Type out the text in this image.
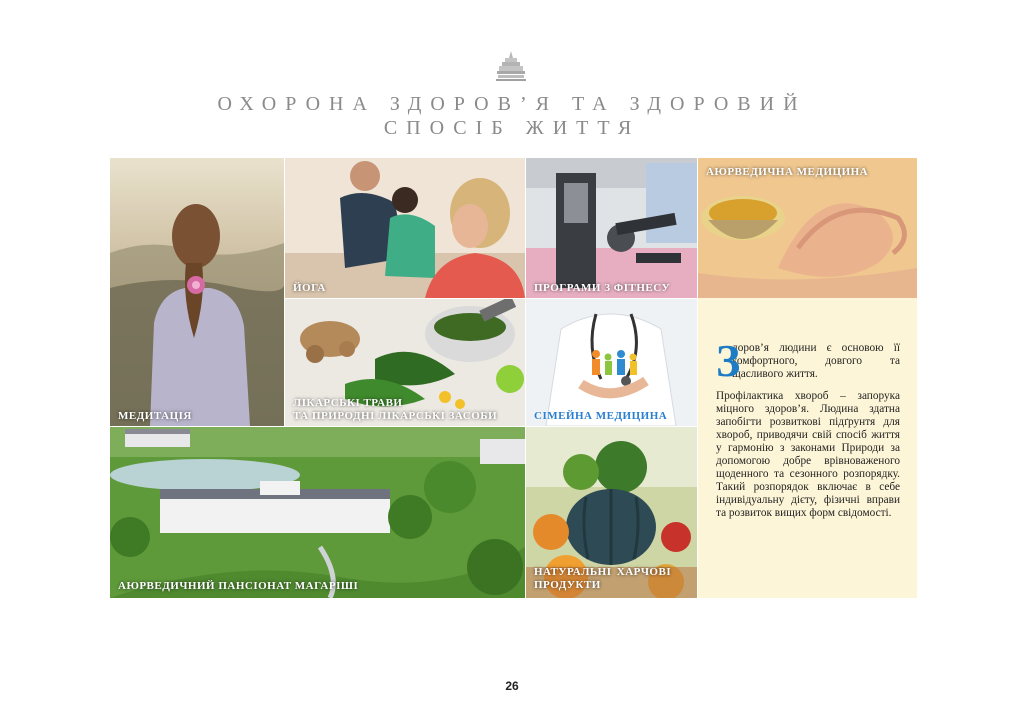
ОХОРОНА ЗДОРОВ’Я ТА ЗДОРОВИЙ
СПОСІБ ЖИТТЯ
МЕДИТАЦІЯ
ЙОГА	ПРОГРАМИ З ФІТНЕСУ
АЮРВЕДИЧНА МЕДИЦИНА
ЛІКАРСЬКІ ТРАВИ
ТА ПРИРОДНІ ЛІКАРСЬКІ ЗАСОБИ	СІМЕЙНА МЕДИЦИНА
АЮРВЕДИЧНИЙ ПАНСІОНАТ МАГАРІШІ
НАТУРАЛЬНІ ХАРЧОВІ
ПРОДУКТИ
З

доров’я людини є основою її комфортного, довгого та щасливого життя.

Профілактика хвороб – запорука міцного здоров’я. Людина здатна запобігти розвиткові підґрунтя для хвороб, приводячи свій спосіб життя у гармонію з законами Природи за допомогою добре врівноваженого щоденного та сезонного розпорядку. Такий розпорядок включає в себе індивідуальну дієту, фізичні вправи та розвиток вищих форм свідомості.

26
